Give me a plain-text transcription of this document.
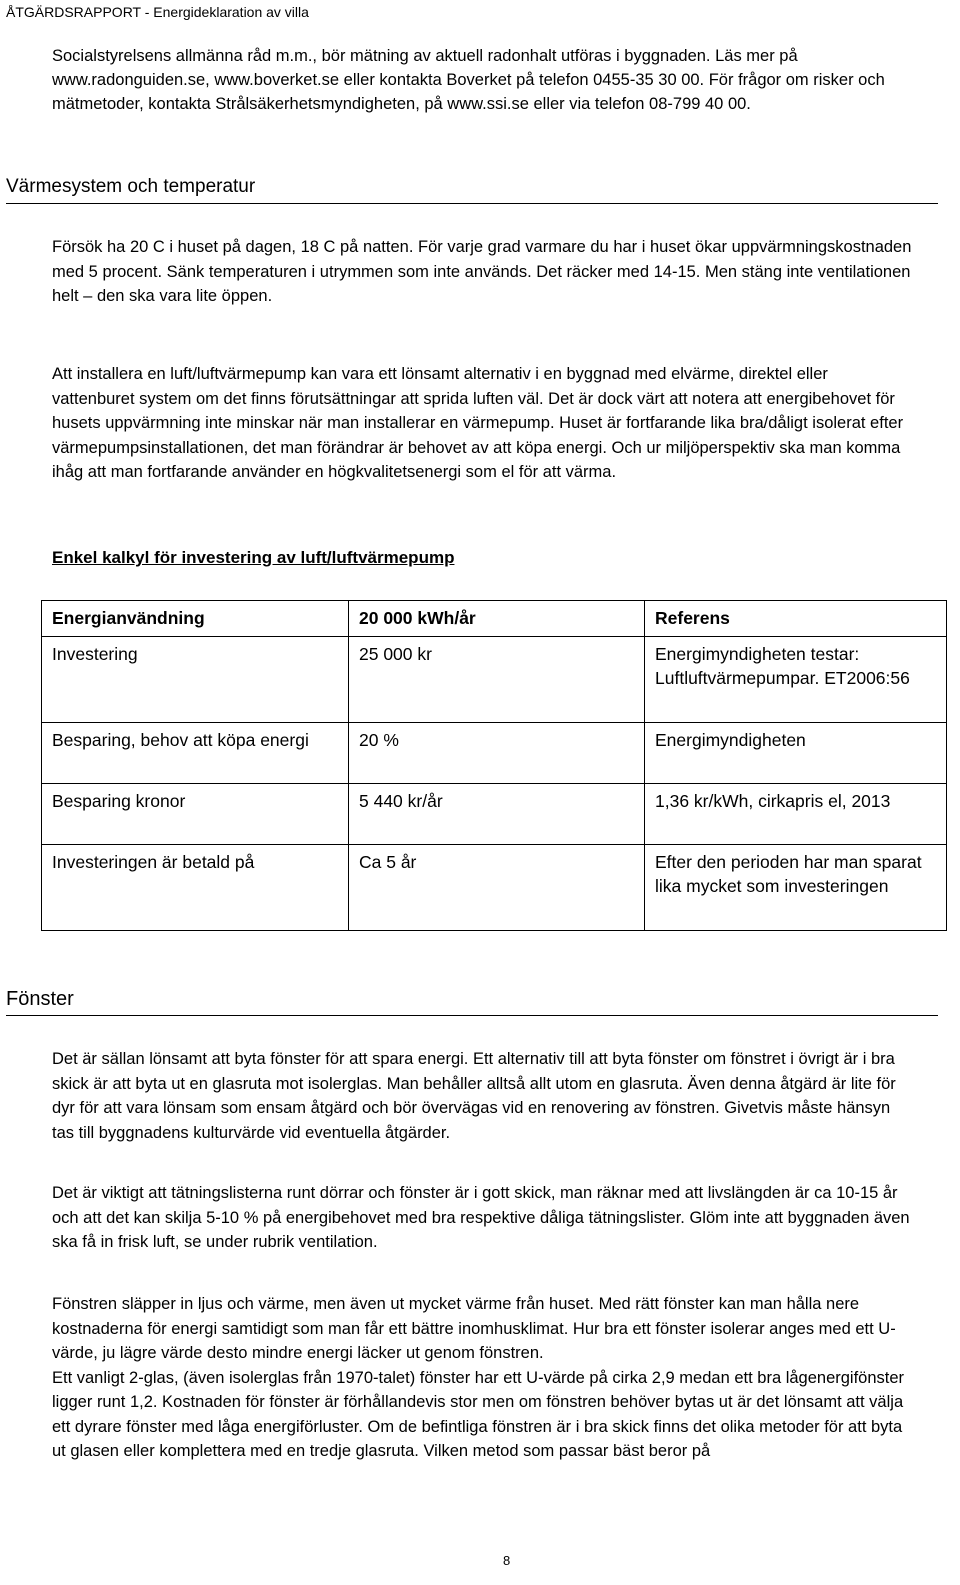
ÅTGÄRDSRAPPORT - Energideklaration av villa
Socialstyrelsens allmänna råd m.m., bör mätning av aktuell radonhalt utföras i byggnaden. Läs mer på www.radonguiden.se, www.boverket.se eller kontakta Boverket på telefon 0455-35 30 00. För frågor om risker och mätmetoder, kontakta Strålsäkerhetsmyndigheten, på www.ssi.se eller via telefon 08-799 40 00.
Värmesystem och temperatur

Försök ha 20 C i huset på dagen, 18 C på natten. För varje grad varmare du har i huset ökar uppvärmningskostnaden med 5 procent. Sänk temperaturen i utrymmen som inte används. Det räcker med 14-15. Men stäng inte ventilationen helt – den ska vara lite öppen.

Att installera en luft/luftvärmepump kan vara ett lönsamt alternativ i en byggnad med elvärme, direktel eller vattenburet system om det finns förutsättningar att sprida luften väl. Det är dock värt att notera att energibehovet för husets uppvärmning inte minskar när man installerar en värmepump. Huset är fortfarande lika bra/dåligt isolerat efter värmepumpsinstallationen, det man förändrar är behovet av att köpa energi. Och ur miljöperspektiv ska man komma ihåg att man fortfarande använder en högkvalitetsenergi som el för att värma.

Enkel kalkyl för investering av luft/luftvärmepump
Energianvändning	20 000 kWh/år	Referens
Investering	25 000 kr	Energimyndigheten testar: Luftluftvärmepumpar. ET2006:56
Besparing, behov att köpa energi	20 %	Energimyndigheten
Besparing kronor	5 440 kr/år	1,36 kr/kWh, cirkapris el, 2013
Investeringen är betald på	Ca 5 år	Efter den perioden har man sparat lika mycket som investeringen
Fönster

Det är sällan lönsamt att byta fönster för att spara energi. Ett alternativ till att byta fönster om fönstret i övrigt är i bra skick är att byta ut en glasruta mot isolerglas. Man behåller alltså allt utom en glasruta. Även denna åtgärd är lite för dyr för att vara lönsam som ensam åtgärd och bör övervägas vid en renovering av fönstren. Givetvis måste hänsyn tas till byggnadens kulturvärde vid eventuella åtgärder.

Det är viktigt att tätningslisterna runt dörrar och fönster är i gott skick, man räknar med att livslängden är ca 10-15 år och att det kan skilja 5-10 % på energibehovet med bra respektive dåliga tätningslister. Glöm inte att byggnaden även ska få in frisk luft, se under rubrik ventilation.

Fönstren släpper in ljus och värme, men även ut mycket värme från huset. Med rätt fönster kan man hålla nere kostnaderna för energi samtidigt som man får ett bättre inomhusklimat. Hur bra ett fönster isolerar anges med ett U-värde, ju lägre värde desto mindre energi läcker ut genom fönstren.

Ett vanligt 2-glas, (även isolerglas från 1970-talet) fönster har ett U-värde på cirka 2,9 medan ett bra lågenergifönster ligger runt 1,2. Kostnaden för fönster är förhållandevis stor men om fönstren behöver bytas ut är det lönsamt att välja ett dyrare fönster med låga energiförluster. Om de befintliga fönstren är i bra skick finns det olika metoder för att byta ut glasen eller komplettera med en tredje glasruta. Vilken metod som passar bäst beror på

8
